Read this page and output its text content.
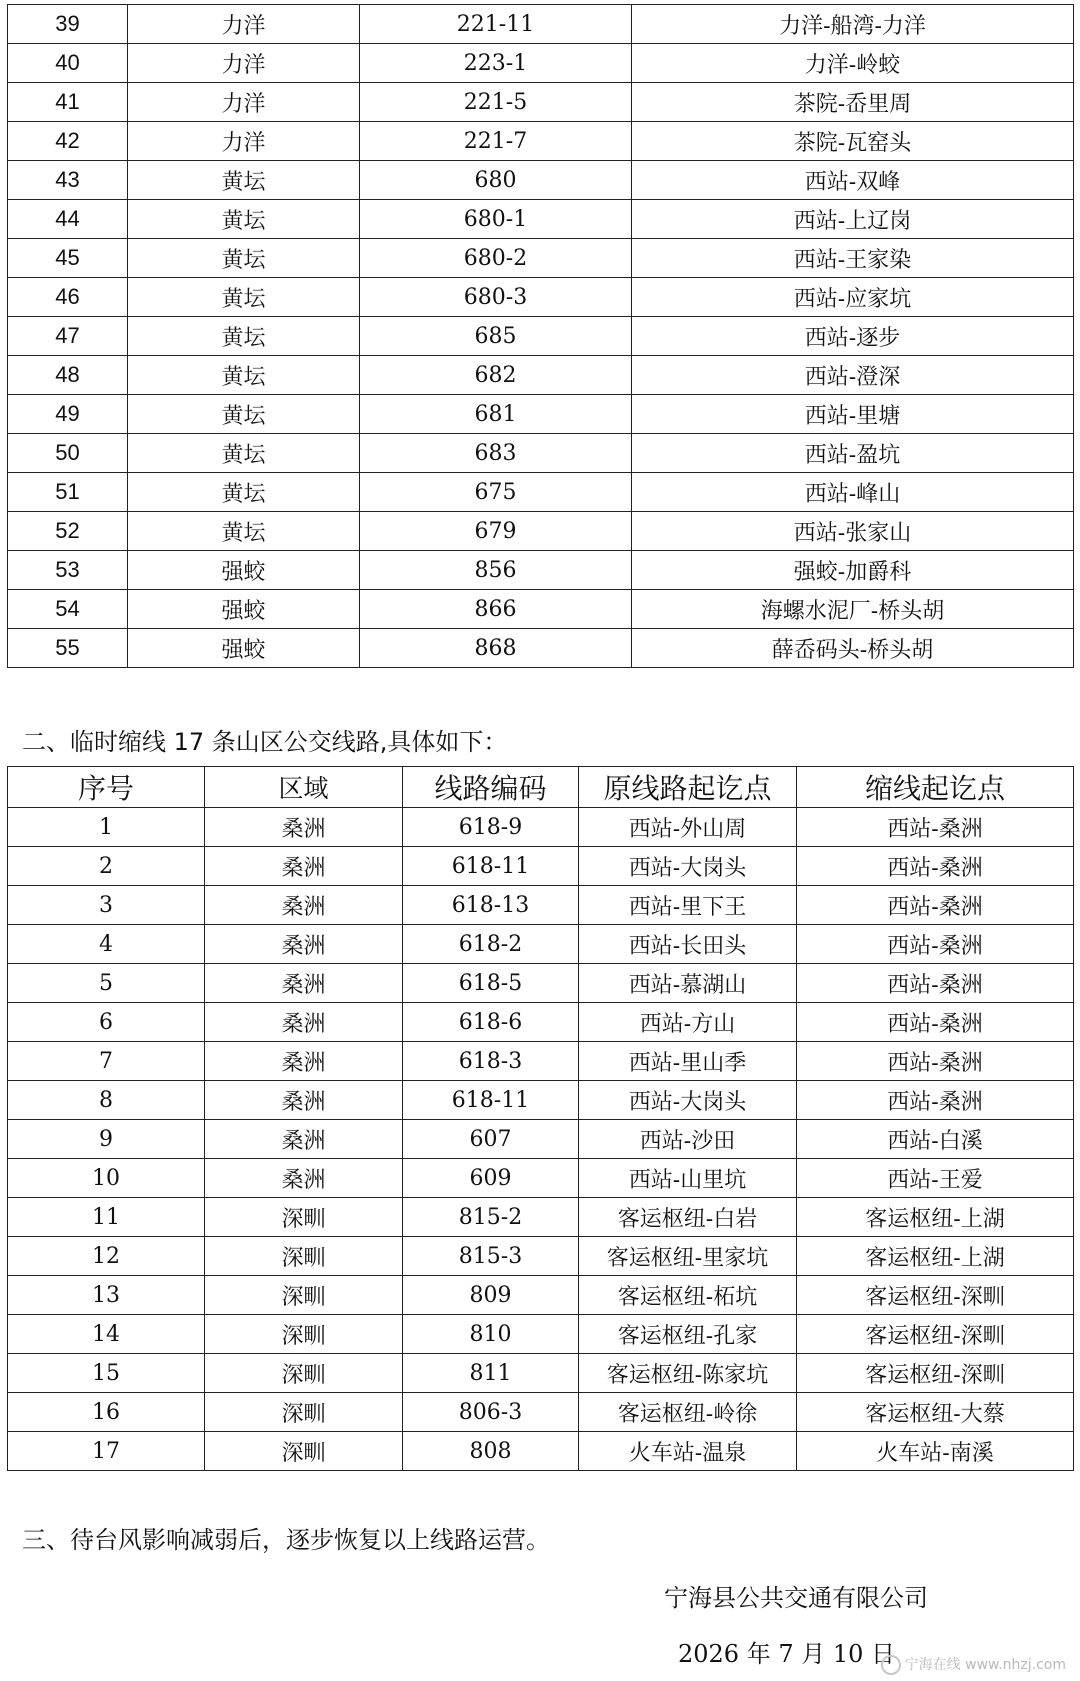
39	力洋	221-11	力洋-船湾-力洋
40	力洋	223-1	力洋-岭蛟
41	力洋	221-5	茶院-岙里周
42	力洋	221-7	茶院-瓦窑头
43	黄坛	680	西站-双峰
44	黄坛	680-1	西站-上辽岗
45	黄坛	680-2	西站-王家染
46	黄坛	680-3	西站-应家坑
47	黄坛	685	西站-逐步
48	黄坛	682	西站-澄深
49	黄坛	681	西站-里塘
50	黄坛	683	西站-盈坑
51	黄坛	675	西站-峰山
52	黄坛	679	西站-张家山
53	强蛟	856	强蛟-加爵科
54	强蛟	866	海螺水泥厂-桥头胡
55	强蛟	868	薛岙码头-桥头胡
二、临时缩线 17 条山区公交线路,具体如下：
序号	区域	线路编码	原线路起讫点	缩线起讫点
1	桑洲	618-9	西站-外山周	西站-桑洲
2	桑洲	618-11	西站-大岗头	西站-桑洲
3	桑洲	618-13	西站-里下王	西站-桑洲
4	桑洲	618-2	西站-长田头	西站-桑洲
5	桑洲	618-5	西站-慕湖山	西站-桑洲
6	桑洲	618-6	西站-方山	西站-桑洲
7	桑洲	618-3	西站-里山季	西站-桑洲
8	桑洲	618-11	西站-大岗头	西站-桑洲
9	桑洲	607	西站-沙田	西站-白溪
10	桑洲	609	西站-山里坑	西站-王爱
11	深甽	815-2	客运枢纽-白岩	客运枢纽-上湖
12	深甽	815-3	客运枢纽-里家坑	客运枢纽-上湖
13	深甽	809	客运枢纽-柘坑	客运枢纽-深甽
14	深甽	810	客运枢纽-孔家	客运枢纽-深甽
15	深甽	811	客运枢纽-陈家坑	客运枢纽-深甽
16	深甽	806-3	客运枢纽-岭徐	客运枢纽-大蔡
17	深甽	808	火车站-温泉	火车站-南溪
三、待台风影响减弱后，逐步恢复以上线路运营。
宁海县公共交通有限公司
2026 年 7 月 10 日 宁海在线 www.nhzj.com
